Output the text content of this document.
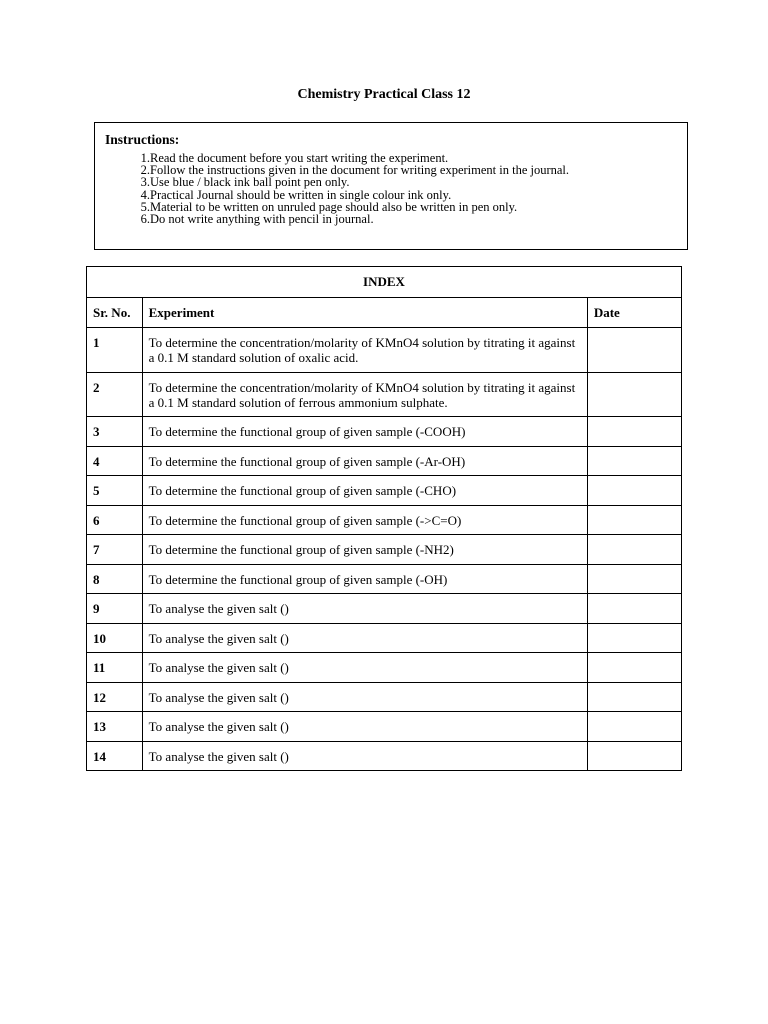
Chemistry Practical Class 12
Instructions:
1. Read the document before you start writing the experiment.
2. Follow the instructions given in the document for writing experiment in the journal.
3. Use blue / black ink ball point pen only.
4. Practical Journal should be written in single colour ink only.
5. Material to be written on unruled page should also be written in pen only.
6. Do not write anything with pencil in journal.
INDEX		
Sr. No.	Experiment	Date
1	To determine the concentration/molarity of KMnO4 solution by titrating it against a 0.1 M standard solution of oxalic acid.	
2	To determine the concentration/molarity of KMnO4 solution by titrating it against a 0.1 M standard solution of ferrous ammonium sulphate.	
3	To determine the functional group of given sample (-COOH)	
4	To determine the functional group of given sample (-Ar-OH)	
5	To determine the functional group of given sample (-CHO)	
6	To determine the functional group of given sample (->C=O)	
7	To determine the functional group of given sample (-NH2)	
8	To determine the functional group of given sample (-OH)	
9	To analyse the given salt ()	
10	To analyse the given salt ()	
11	To analyse the given salt ()	
12	To analyse the given salt ()	
13	To analyse the given salt ()	
14	To analyse the given salt ()	
